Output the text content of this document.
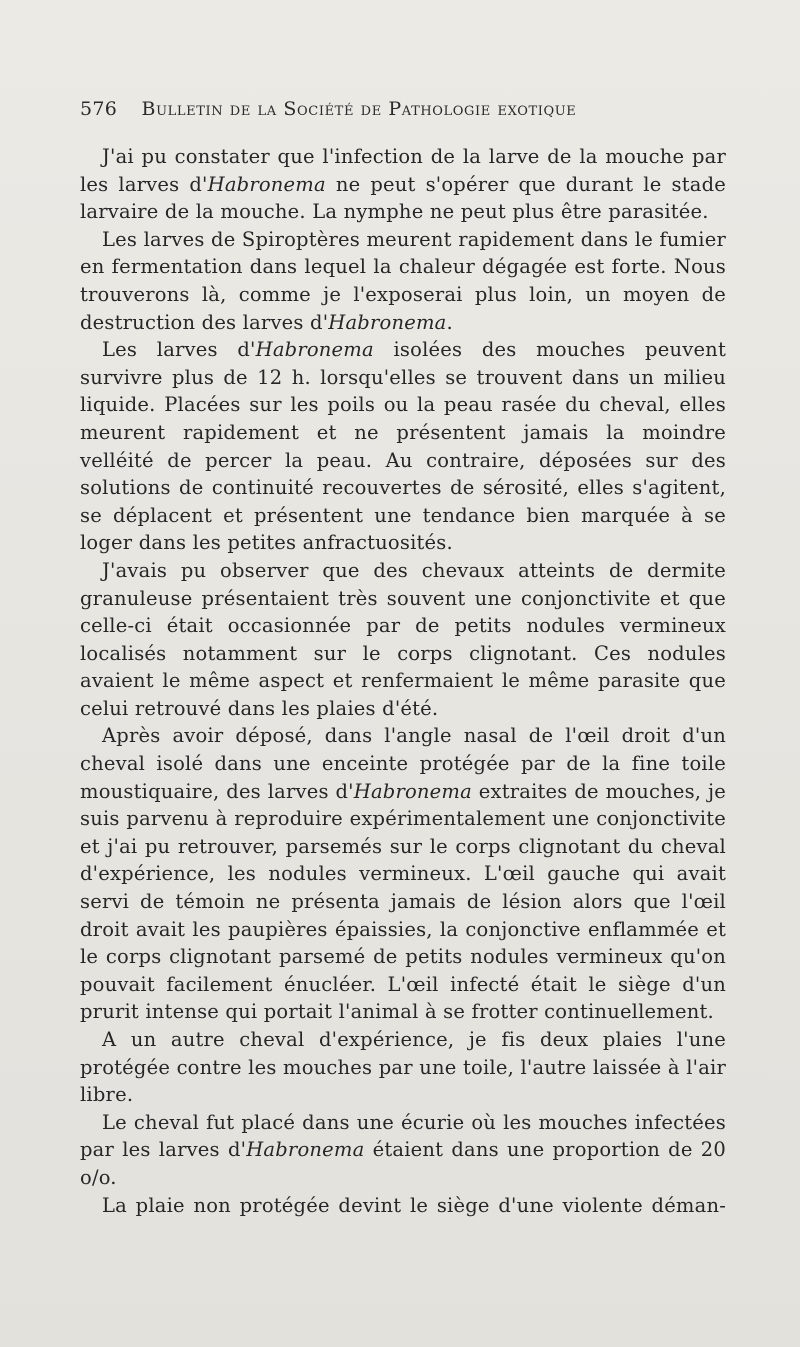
576 Bulletin de la Société de Pathologie exotique

J'ai pu constater que l'infection de la larve de la mouche par les larves d'Habronema ne peut s'opérer que durant le stade larvaire de la mouche. La nymphe ne peut plus être parasitée.

Les larves de Spiroptères meurent rapidement dans le fumier en fermentation dans lequel la chaleur dégagée est forte. Nous trouverons là, comme je l'exposerai plus loin, un moyen de destruction des larves d'Habronema.

Les larves d'Habronema isolées des mouches peuvent survivre plus de 12 h. lorsqu'elles se trouvent dans un milieu liquide. Placées sur les poils ou la peau rasée du cheval, elles meurent rapidement et ne présentent jamais la moindre velléité de percer la peau. Au contraire, déposées sur des solutions de continuité recouvertes de sérosité, elles s'agitent, se déplacent et présentent une tendance bien marquée à se loger dans les petites anfractuosités.

J'avais pu observer que des chevaux atteints de dermite granuleuse présentaient très souvent une conjonctivite et que celle-ci était occasionnée par de petits nodules vermineux localisés notamment sur le corps clignotant. Ces nodules avaient le même aspect et renfermaient le même parasite que celui retrouvé dans les plaies d'été.

Après avoir déposé, dans l'angle nasal de l'œil droit d'un cheval isolé dans une enceinte protégée par de la fine toile moustiquaire, des larves d'Habronema extraites de mouches, je suis parvenu à reproduire expérimentalement une conjonctivite et j'ai pu retrouver, parsemés sur le corps clignotant du cheval d'expérience, les nodules vermineux. L'œil gauche qui avait servi de témoin ne présenta jamais de lésion alors que l'œil droit avait les paupières épaissies, la conjonctive enflammée et le corps clignotant parsemé de petits nodules vermineux qu'on pouvait facilement énucléer. L'œil infecté était le siège d'un prurit intense qui portait l'animal à se frotter continuellement.

A un autre cheval d'expérience, je fis deux plaies l'une protégée contre les mouches par une toile, l'autre laissée à l'air libre.

Le cheval fut placé dans une écurie où les mouches infectées par les larves d'Habronema étaient dans une proportion de 20 o/o.

La plaie non protégée devint le siège d'une violente déman-
